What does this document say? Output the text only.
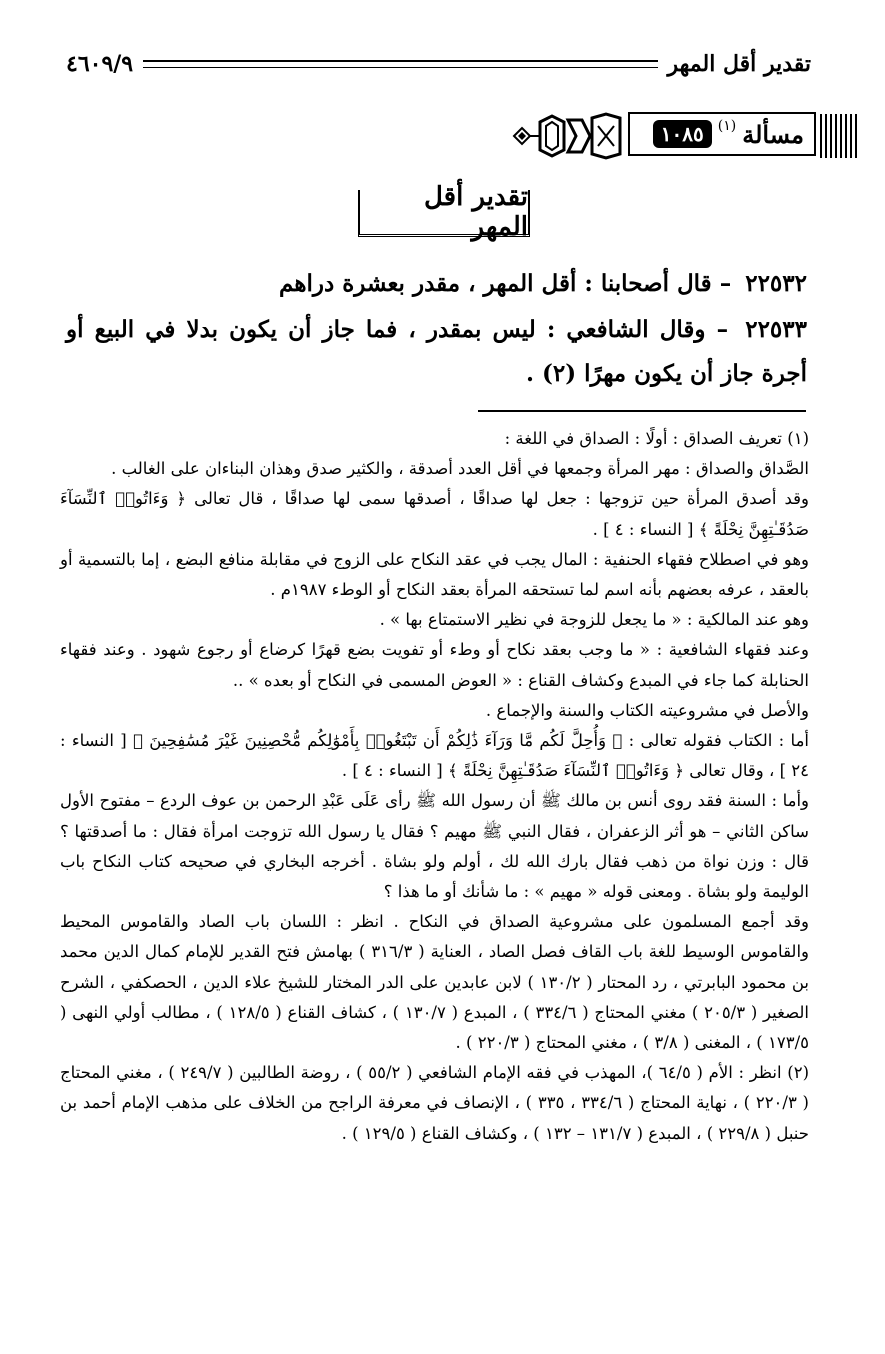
تقدير أقل المهر
٤٦٠٩/٩
مسألة
(١)
١٠٨٥
تقدير أقل المهر
٢٢٥٣٢ – قال أصحابنا : أقل المهر ، مقدر بعشرة دراهم
٢٢٥٣٣ – وقال الشافعي : ليس بمقدر ، فما جاز أن يكون بدلا في البيع أو أجرة جاز أن يكون مهرًا (٢) .

(١) تعريف الصداق : أولًا : الصداق في اللغة :

الصَّداق والصداق : مهر المرأة وجمعها في أقل العدد أصدقة ، والكثير صدق وهذان البناءان على الغالب .

وقد أصدق المرأة حين تزوجها : جعل لها صداقًا ، أصدقها سمى لها صداقًا ، قال تعالى ﴿ وَءَاتُوا۟ ٱلنِّسَآءَ صَدُقَـٰتِهِنَّ نِحْلَةً ﴾ [ النساء : ٤ ] .

وهو في اصطلاح فقهاء الحنفية : المال يجب في عقد النكاح على الزوج في مقابلة منافع البضع ، إما بالتسمية أو بالعقد ، عرفه بعضهم بأنه اسم لما تستحقه المرأة بعقد النكاح أو الوطء ١٩٨٧م .

وهو عند المالكية : « ما يجعل للزوجة في نظير الاستمتاع بها » .

وعند فقهاء الشافعية : « ما وجب بعقد نكاح أو وطء أو تفويت بضع قهرًا كرضاع أو رجوع شهود . وعند فقهاء الحنابلة كما جاء في المبدع وكشاف القناع : « العوض المسمى في النكاح أو بعده » ..

والأصل في مشروعيته الكتاب والسنة والإجماع .

أما : الكتاب فقوله تعالى : ﴿ وَأُحِلَّ لَكُم مَّا وَرَآءَ ذَٰلِكُمْ أَن تَبْتَغُوا۟ بِأَمْوَٰلِكُم مُّحْصِنِينَ غَيْرَ مُسَٰفِحِينَ ﴾ [ النساء : ٢٤ ] ، وقال تعالى ﴿ وَءَاتُوا۟ ٱلنِّسَآءَ صَدُقَـٰتِهِنَّ نِحْلَةً ﴾ [ النساء : ٤ ] .

وأما : السنة فقد روى أنس بن مالك ﷺ أن رسول الله ﷺ رأى عَلَى عَبْدِ الرحمن بن عوف الردع – مفتوح الأول ساكن الثاني – هو أثر الزعفران ، فقال النبي ﷺ مهيم ؟ فقال يا رسول الله تزوجت امرأة فقال : ما أصدقتها ؟ قال : وزن نواة من ذهب فقال بارك الله لك ، أولم ولو بشاة . أخرجه البخاري في صحيحه كتاب النكاح باب الوليمة ولو بشاة . ومعنى قوله « مهيم » : ما شأنك أو ما هذا ؟

وقد أجمع المسلمون على مشروعية الصداق في النكاح . انظر : اللسان باب الصاد والقاموس المحيط والقاموس الوسيط للغة باب القاف فصل الصاد ، العناية ( ٣١٦/٣ ) بهامش فتح القدير للإمام كمال الدين محمد بن محمود البابرتي ، رد المحتار ( ١٣٠/٢ ) لابن عابدين على الدر المختار للشيخ علاء الدين ، الحصكفي ، الشرح الصغير ( ٢٠٥/٣ ) مغني المحتاج ( ٣٣٤/٦ ) ، المبدع ( ١٣٠/٧ ) ، كشاف القناع ( ١٢٨/٥ ) ، مطالب أولي النهى ( ١٧٣/٥ ) ، المغنى ( ٣/٨ ) ، مغني المحتاج ( ٢٢٠/٣ ) .

(٢) انظر : الأم ( ٦٤/٥ )، المهذب في فقه الإمام الشافعي ( ٥٥/٢ ) ، روضة الطالبين ( ٢٤٩/٧ ) ، مغني المحتاج ( ٢٢٠/٣ ) ، نهاية المحتاج ( ٣٣٤/٦ ، ٣٣٥ ) ، الإنصاف في معرفة الراجح من الخلاف على مذهب الإمام أحمد بن حنبل ( ٢٢٩/٨ ) ، المبدع ( ١٣١/٧ – ١٣٢ ) ، وكشاف القناع ( ١٢٩/٥ ) .
